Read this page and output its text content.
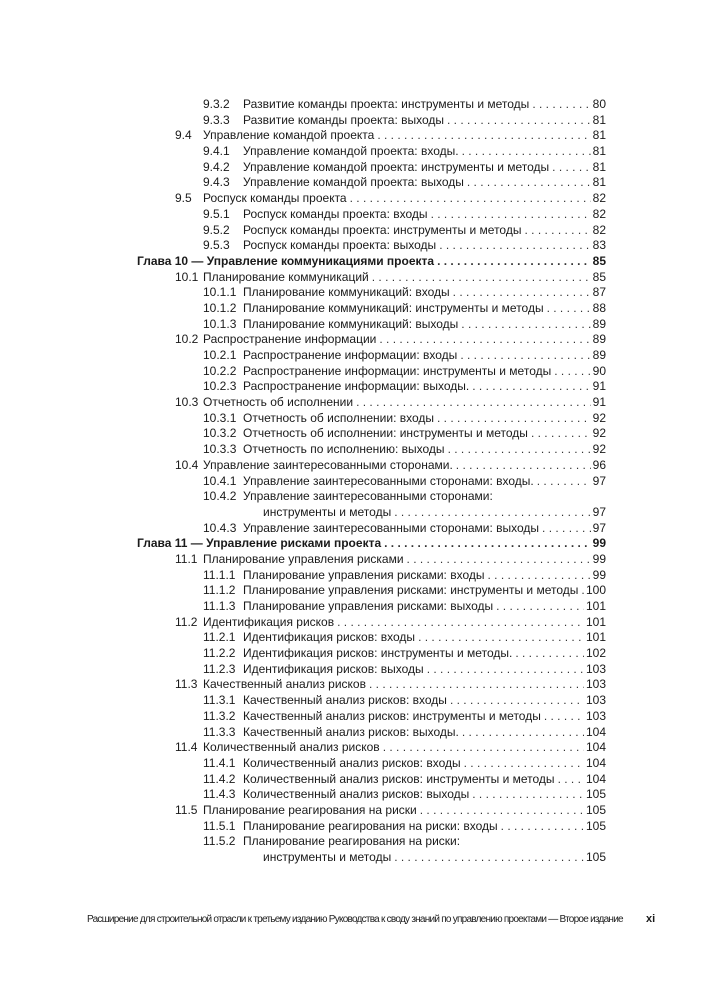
9.3.2 Развитие команды проекта: инструменты и методы . . .	80
9.3.3 Развитие команды проекта: выходы . . .	81
9.4 Управление командой проекта . . .	81
9.4.1 Управление командой проекта: входы. . . .	81
9.4.2 Управление командой проекта: инструменты и методы . . .	81
9.4.3 Управление командой проекта: выходы . . .	81
9.5 Роспуск команды проекта . . .	82
9.5.1 Роспуск команды проекта: входы . . .	82
9.5.2 Роспуск команды проекта: инструменты и методы . . .	82
9.5.3 Роспуск команды проекта: выходы . . .	83
Глава 10 — Управление коммуникациями проекта . . .	85
10.1 Планирование коммуникаций . . .	85
10.1.1 Планирование коммуникаций: входы . . .	87
10.1.2 Планирование коммуникаций: инструменты и методы . . .	88
10.1.3 Планирование коммуникаций: выходы . . .	89
10.2 Распространение информации . . .	89
10.2.1 Распространение информации: входы . . .	89
10.2.2 Распространение информации: инструменты и методы . . .	90
10.2.3 Распространение информации: выходы. . . .	91
10.3 Отчетность об исполнении . . .	91
10.3.1 Отчетность об исполнении: входы . . .	92
10.3.2 Отчетность об исполнении: инструменты и методы . . .	92
10.3.3 Отчетность по исполнению: выходы . . .	92
10.4 Управление заинтересованными сторонами. . . .	96
10.4.1 Управление заинтересованными сторонами: входы. . . .	97
10.4.2 Управление заинтересованными сторонами:
инструменты и методы . . .	97
10.4.3 Управление заинтересованными сторонами: выходы . . .	97
Глава 11 — Управление рисками проекта . . .	99
11.1 Планирование управления рисками . . .	99
11.1.1 Планирование управления рисками: входы . . .	99
11.1.2 Планирование управления рисками: инструменты и методы . . . 100
11.1.3 Планирование управления рисками: выходы . . .	101
11.2 Идентификация рисков . . .	101
11.2.1 Идентификация рисков: входы . . .	101
11.2.2 Идентификация рисков: инструменты и методы. . . .	102
11.2.3 Идентификация рисков: выходы . . .	103
11.3 Качественный анализ рисков . . .	103
11.3.1 Качественный анализ рисков: входы . . .	103
11.3.2 Качественный анализ рисков: инструменты и методы . . .	103
11.3.3 Качественный анализ рисков: выходы. . . .	104
11.4 Количественный анализ рисков . . .	104
11.4.1 Количественный анализ рисков: входы . . .	104
11.4.2 Количественный анализ рисков: инструменты и методы . . .	104
11.4.3 Количественный анализ рисков: выходы . . .	105
11.5 Планирование реагирования на риски . . .	105
11.5.1 Планирование реагирования на риски: входы . . .	105
11.5.2 Планирование реагирования на риски:
инструменты и методы . . .	105
Расширение для строительной отрасли к третьему изданию Руководства к своду знаний по управлению проектами — Второе издание	xi
